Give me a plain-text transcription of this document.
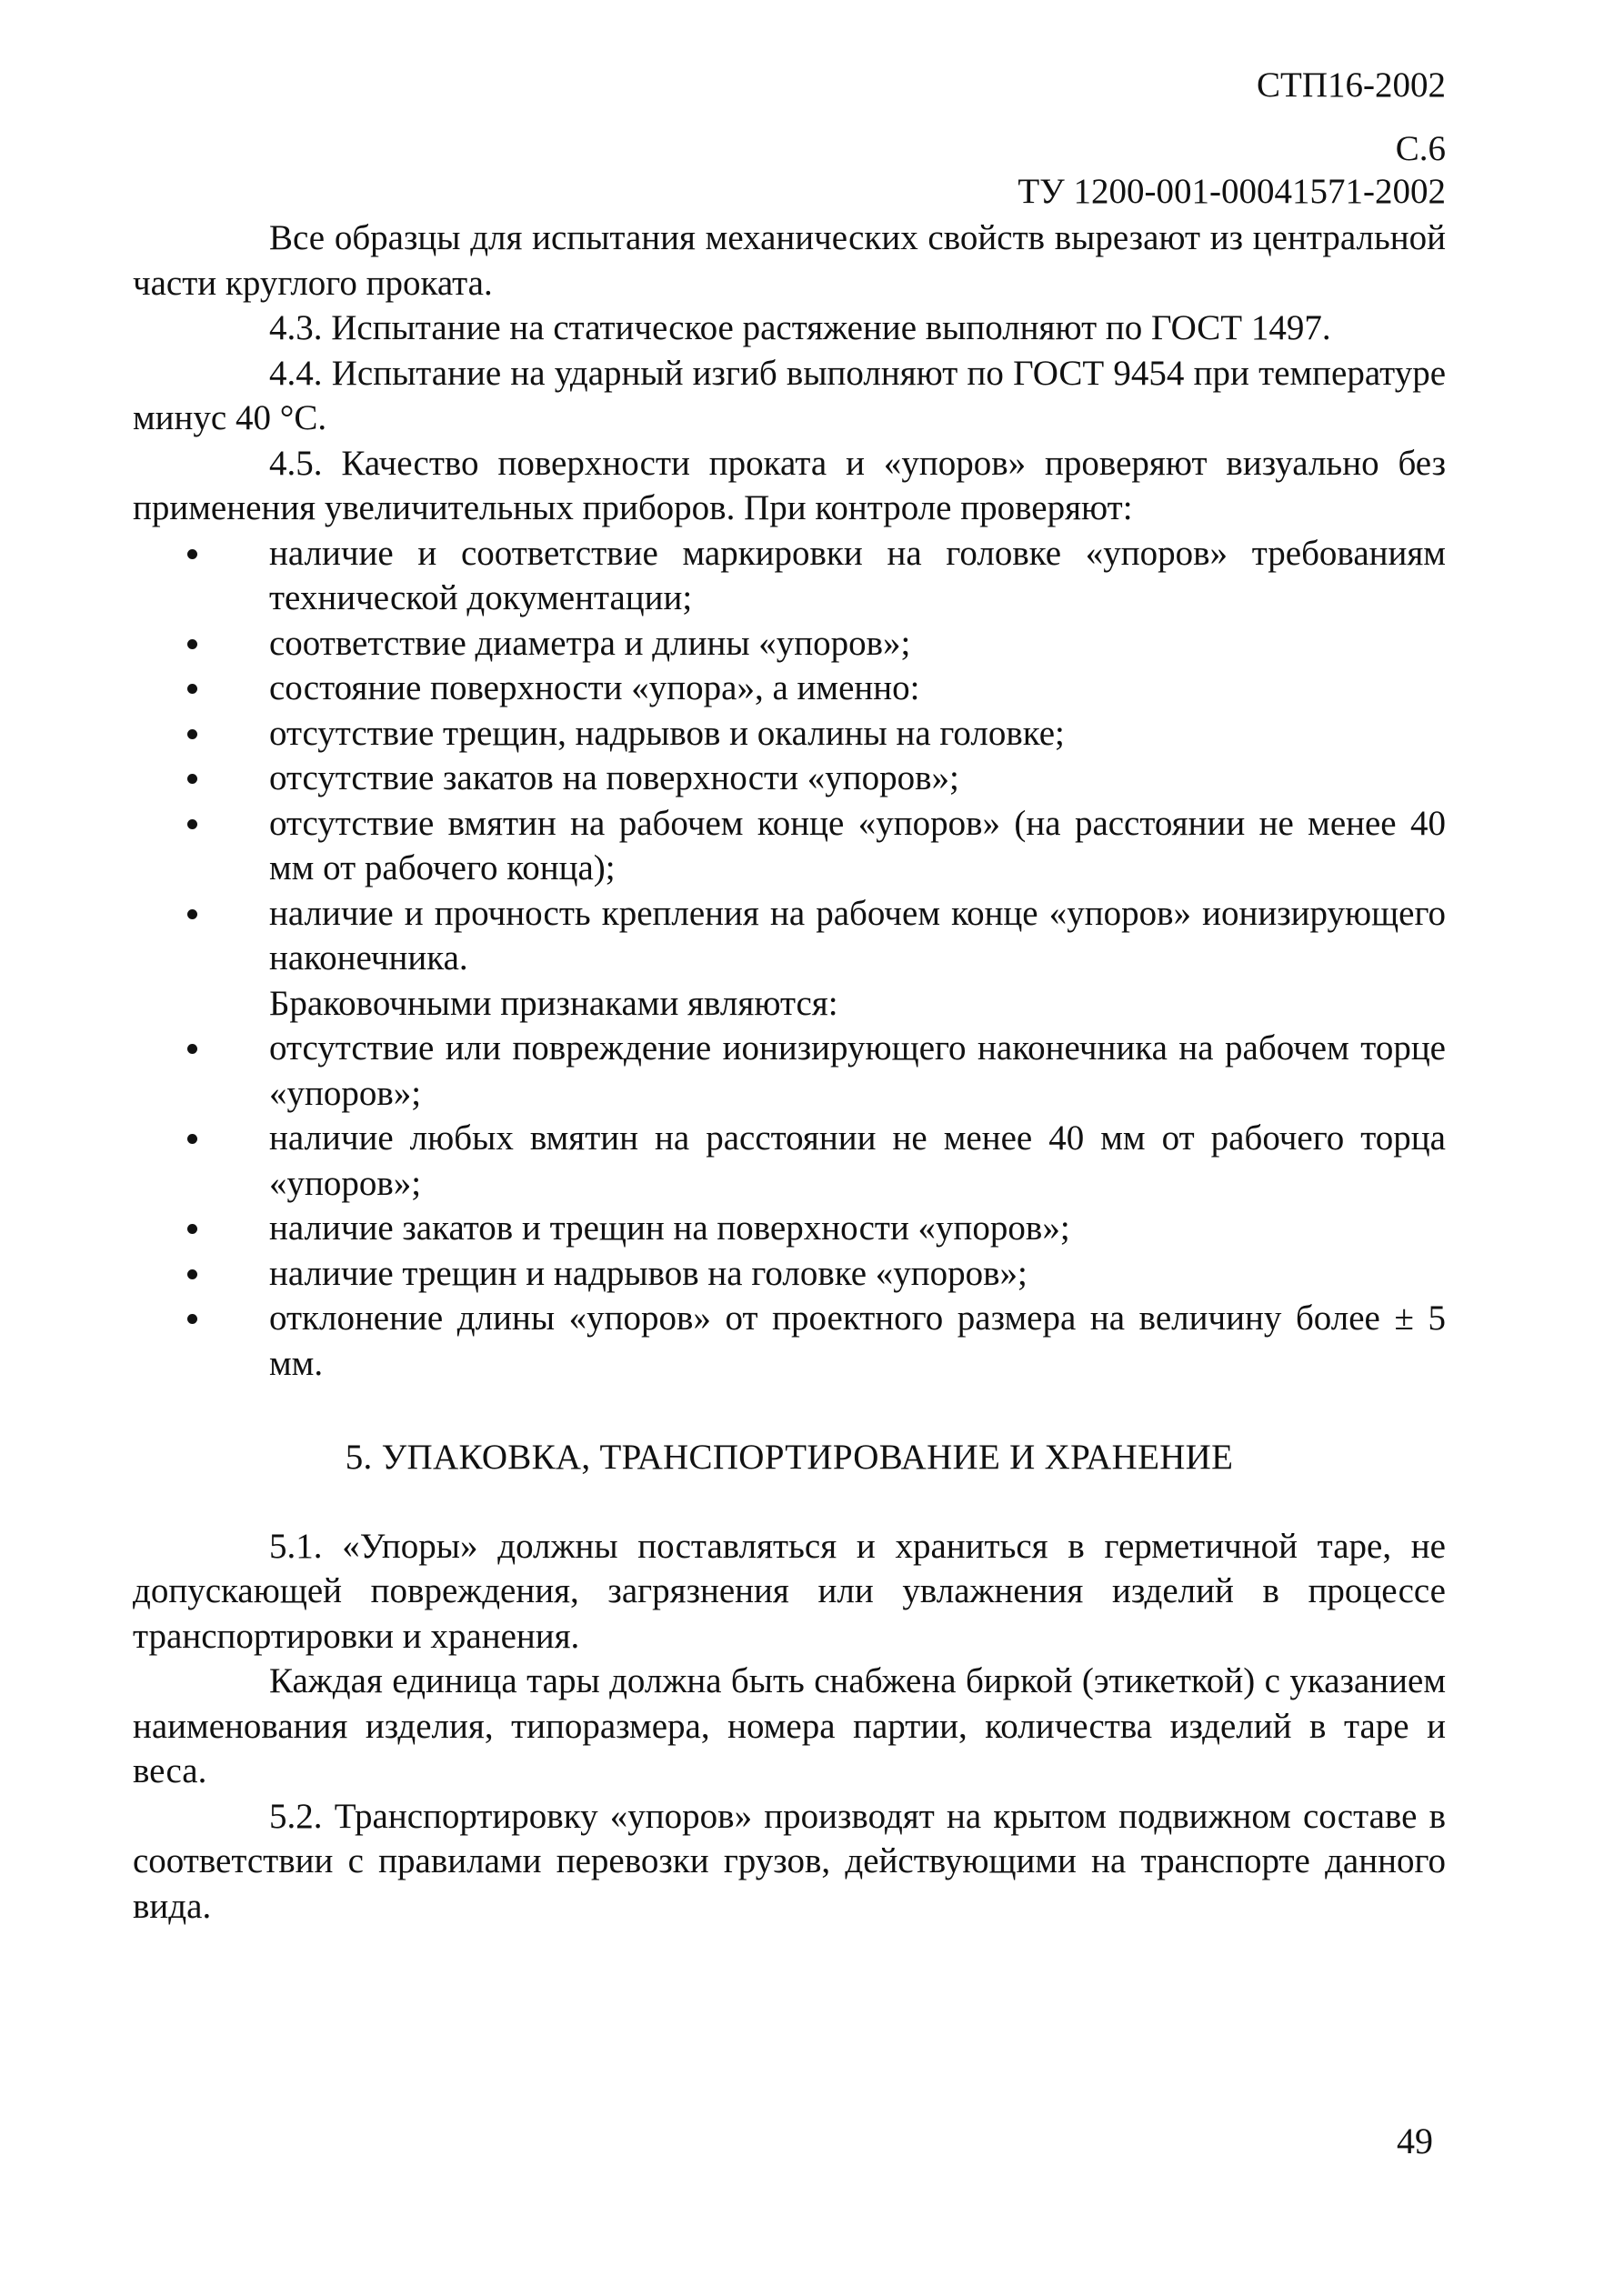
СТП16-2002
С.6
ТУ 1200-001-00041571-2002

Все образцы для испытания механических свойств вырезают из центральной части круглого проката.

4.3. Испытание на статическое растяжение выполняют по ГОСТ 1497.

4.4. Испытание на ударный изгиб выполняют по ГОСТ 9454 при температуре минус 40 °С.

4.5. Качество поверхности проката и «упоров» проверяют визуально без применения увеличительных приборов. При контроле проверяют:

наличие и соответствие маркировки на головке «упоров» требованиям технической документации;
соответствие диаметра и длины «упоров»;
состояние поверхности «упора», а именно:
отсутствие трещин, надрывов и окалины на головке;
отсутствие закатов на поверхности «упоров»;
отсутствие вмятин на рабочем конце «упоров» (на расстоянии не менее 40 мм от рабочего конца);
наличие и прочность крепления на рабочем конце «упоров» ионизирующего наконечника.

Браковочными признаками являются:

отсутствие или повреждение ионизирующего наконечника на рабочем торце «упоров»;
наличие любых вмятин на расстоянии не менее 40 мм от рабочего торца «упоров»;
наличие закатов и трещин на поверхности «упоров»;
наличие трещин и надрывов на головке «упоров»;
отклонение длины «упоров» от проектного размера на величину более ± 5 мм.
5. УПАКОВКА, ТРАНСПОРТИРОВАНИЕ И ХРАНЕНИЕ

5.1. «Упоры» должны поставляться и храниться в герметичной таре, не допускающей повреждения, загрязнения или увлажнения изделий в процессе транспортировки и хранения.

Каждая единица тары должна быть снабжена биркой (этикеткой) с указанием наименования изделия, типоразмера, номера партии, количества изделий в таре и веса.

5.2. Транспортировку «упоров» производят на крытом подвижном составе в соответствии с правилами перевозки грузов, действующими на транспорте данного вида.

49
